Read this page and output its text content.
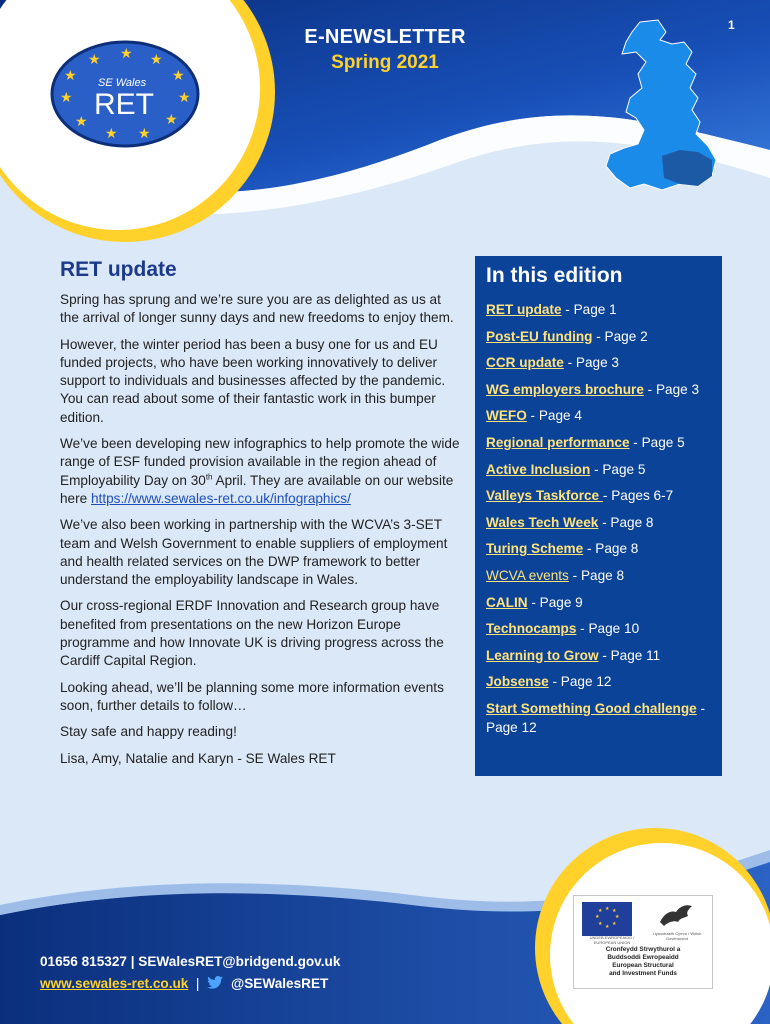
1
E-NEWSLETTER
Spring 2021
★ ★
★
★
★
★
★
★
★
★
★
SE Wales
RET
RET update

Spring has sprung and we’re sure you are as delighted as us at the arrival of longer sunny days and new freedoms to enjoy them.

However, the winter period has been a busy one for us and EU funded projects, who have been working innovatively to deliver support to individuals and businesses affected by the pandemic. You can read about some of their fantastic work in this bumper edition.

We’ve been developing new infographics to help promote the wide range of ESF funded provision available in the region ahead of Employability Day on 30th April. They are available on our website here https://www.sewales-ret.co.uk/infographics/

We’ve also been working in partnership with the WCVA’s 3-SET team and Welsh Government to enable suppliers of employment and health related services on the DWP framework to better understand the employability landscape in Wales.

Our cross-regional ERDF Innovation and Research group have benefited from presentations on the new Horizon Europe programme and how Innovate UK is driving progress across the Cardiff Capital Region.

Looking ahead, we’ll be planning some more information events soon, further details to follow…

Stay safe and happy reading!

Lisa, Amy, Natalie and Karyn - SE Wales RET

In this edition
RET update - Page 1
Post-EU funding - Page 2
CCR update - Page 3
WG employers brochure - Page 3
WEFO - Page 4
Regional performance - Page 5
Active Inclusion - Page 5
Valleys Taskforce - Pages 6-7
Wales Tech Week - Page 8
Turing Scheme - Page 8
WCVA events - Page 8
CALIN - Page 9
Technocamps - Page 10
Learning to Grow - Page 11
Jobsense - Page 12
Start Something Good challenge - Page 12
01656 815327 | SEWalesRET@bridgend.gov.uk
www.sewales-ret.co.uk  |  @SEWalesRET
★ ★
★
★
★
★
★
★
UNDEB EWROPEAIDD / EUROPEAN UNION
Llywodraeth Cymru / Welsh Government
Cronfeydd Strwythurol a
Buddsoddi Ewropeaidd
European Structural
and Investment Funds
